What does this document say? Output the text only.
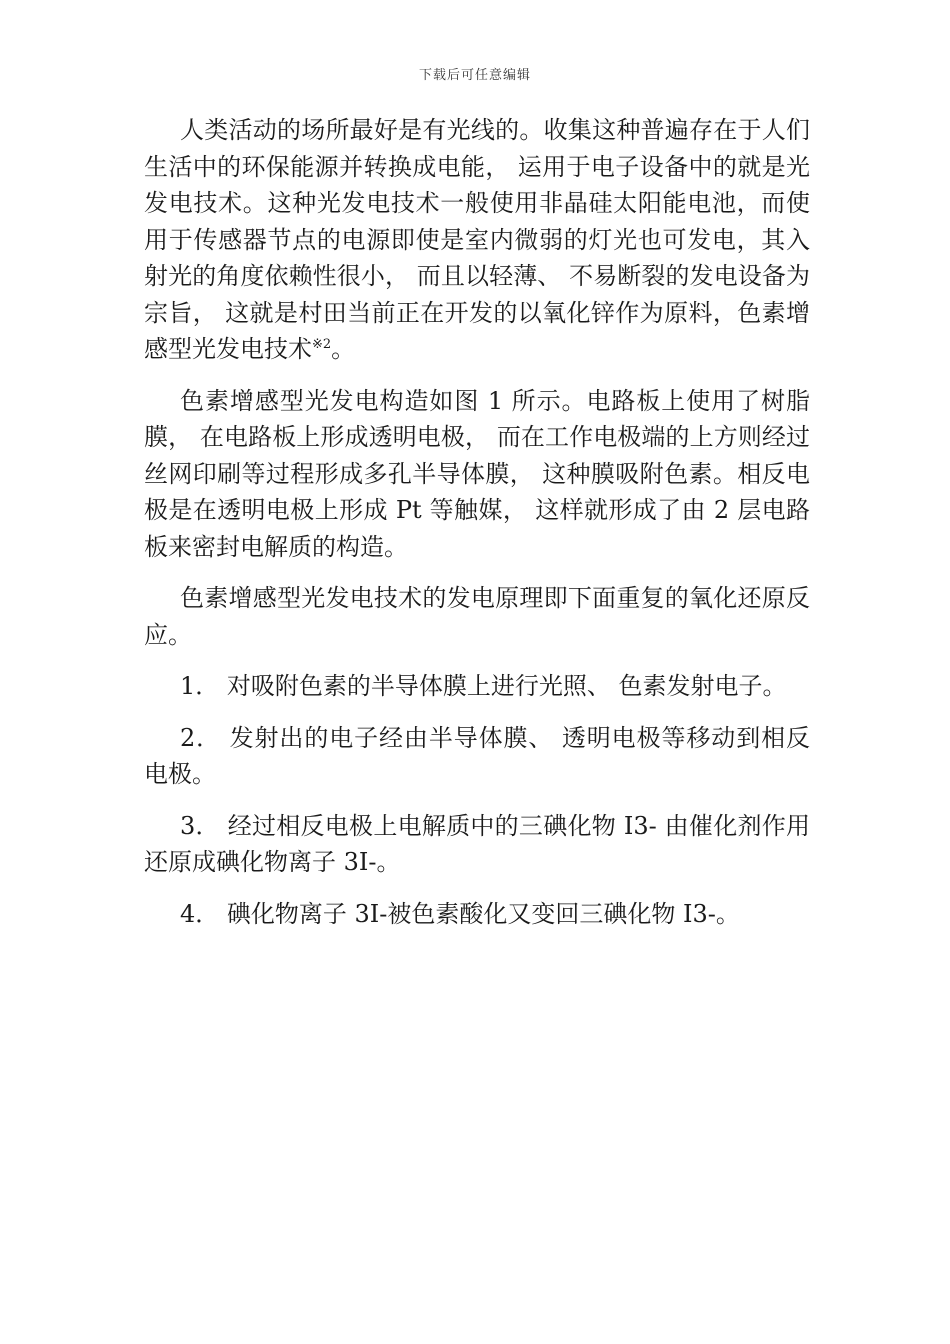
下载后可任意编辑

人类活动的场所最好是有光线的。收集这种普遍存在于人们生活中的环保能源并转换成电能， 运用于电子设备中的就是光发电技术。这种光发电技术一般使用非晶硅太阳能电池，而使用于传感器节点的电源即使是室内微弱的灯光也可发电，其入射光的角度依赖性很小， 而且以轻薄、 不易断裂的发电设备为宗旨， 这就是村田当前正在开发的以氧化锌作为原料，色素增感型光发电技术$^{※2}$。

色素增感型光发电构造如图 1 所示。电路板上使用了树脂膜， 在电路板上形成透明电极， 而在工作电极端的上方则经过丝网印刷等过程形成多孔半导体膜， 这种膜吸附色素。相反电极是在透明电极上形成 Pt 等触媒， 这样就形成了由 2 层电路板来密封电解质的构造。

色素增感型光发电技术的发电原理即下面重复的氧化还原反应。

1． 对吸附色素的半导体膜上进行光照、 色素发射电子。

2． 发射出的电子经由半导体膜、 透明电极等移动到相反电极。

3． 经过相反电极上电解质中的三碘化物 I3- 由催化剂作用还原成碘化物离子 3I-。

4． 碘化物离子 3I-被色素酸化又变回三碘化物 I3-。
